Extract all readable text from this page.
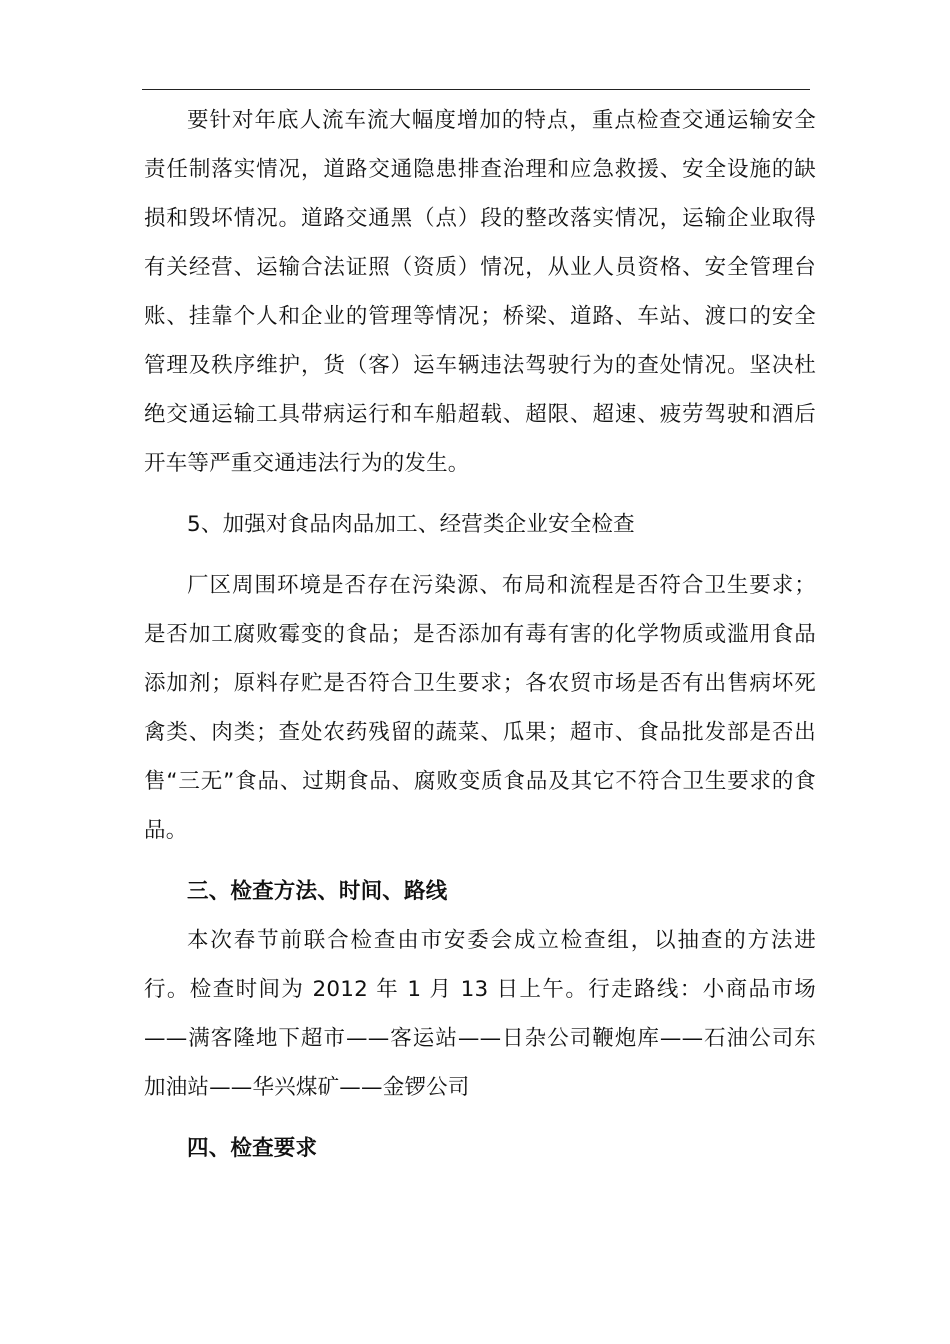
要针对年底人流车流大幅度增加的特点，重点检查交通运输安全责任制落实情况，道路交通隐患排查治理和应急救援、安全设施的缺损和毁坏情况。道路交通黑（点）段的整改落实情况，运输企业取得有关经营、运输合法证照（资质）情况，从业人员资格、安全管理台账、挂靠个人和企业的管理等情况；桥梁、道路、车站、渡口的安全管理及秩序维护，货（客）运车辆违法驾驶行为的查处情况。坚决杜绝交通运输工具带病运行和车船超载、超限、超速、疲劳驾驶和酒后开车等严重交通违法行为的发生。

5、加强对食品肉品加工、经营类企业安全检查

厂区周围环境是否存在污染源、布局和流程是否符合卫生要求；是否加工腐败霉变的食品；是否添加有毒有害的化学物质或滥用食品添加剂；原料存贮是否符合卫生要求；各农贸市场是否有出售病坏死禽类、肉类；查处农药残留的蔬菜、瓜果；超市、食品批发部是否出售“三无”食品、过期食品、腐败变质食品及其它不符合卫生要求的食品。

三、检查方法、时间、路线

本次春节前联合检查由市安委会成立检查组，以抽查的方法进行。检查时间为 2012 年 1 月 13 日上午。行走路线：小商品市场——满客隆地下超市——客运站——日杂公司鞭炮库——石油公司东加油站——华兴煤矿——金锣公司

四、检查要求
